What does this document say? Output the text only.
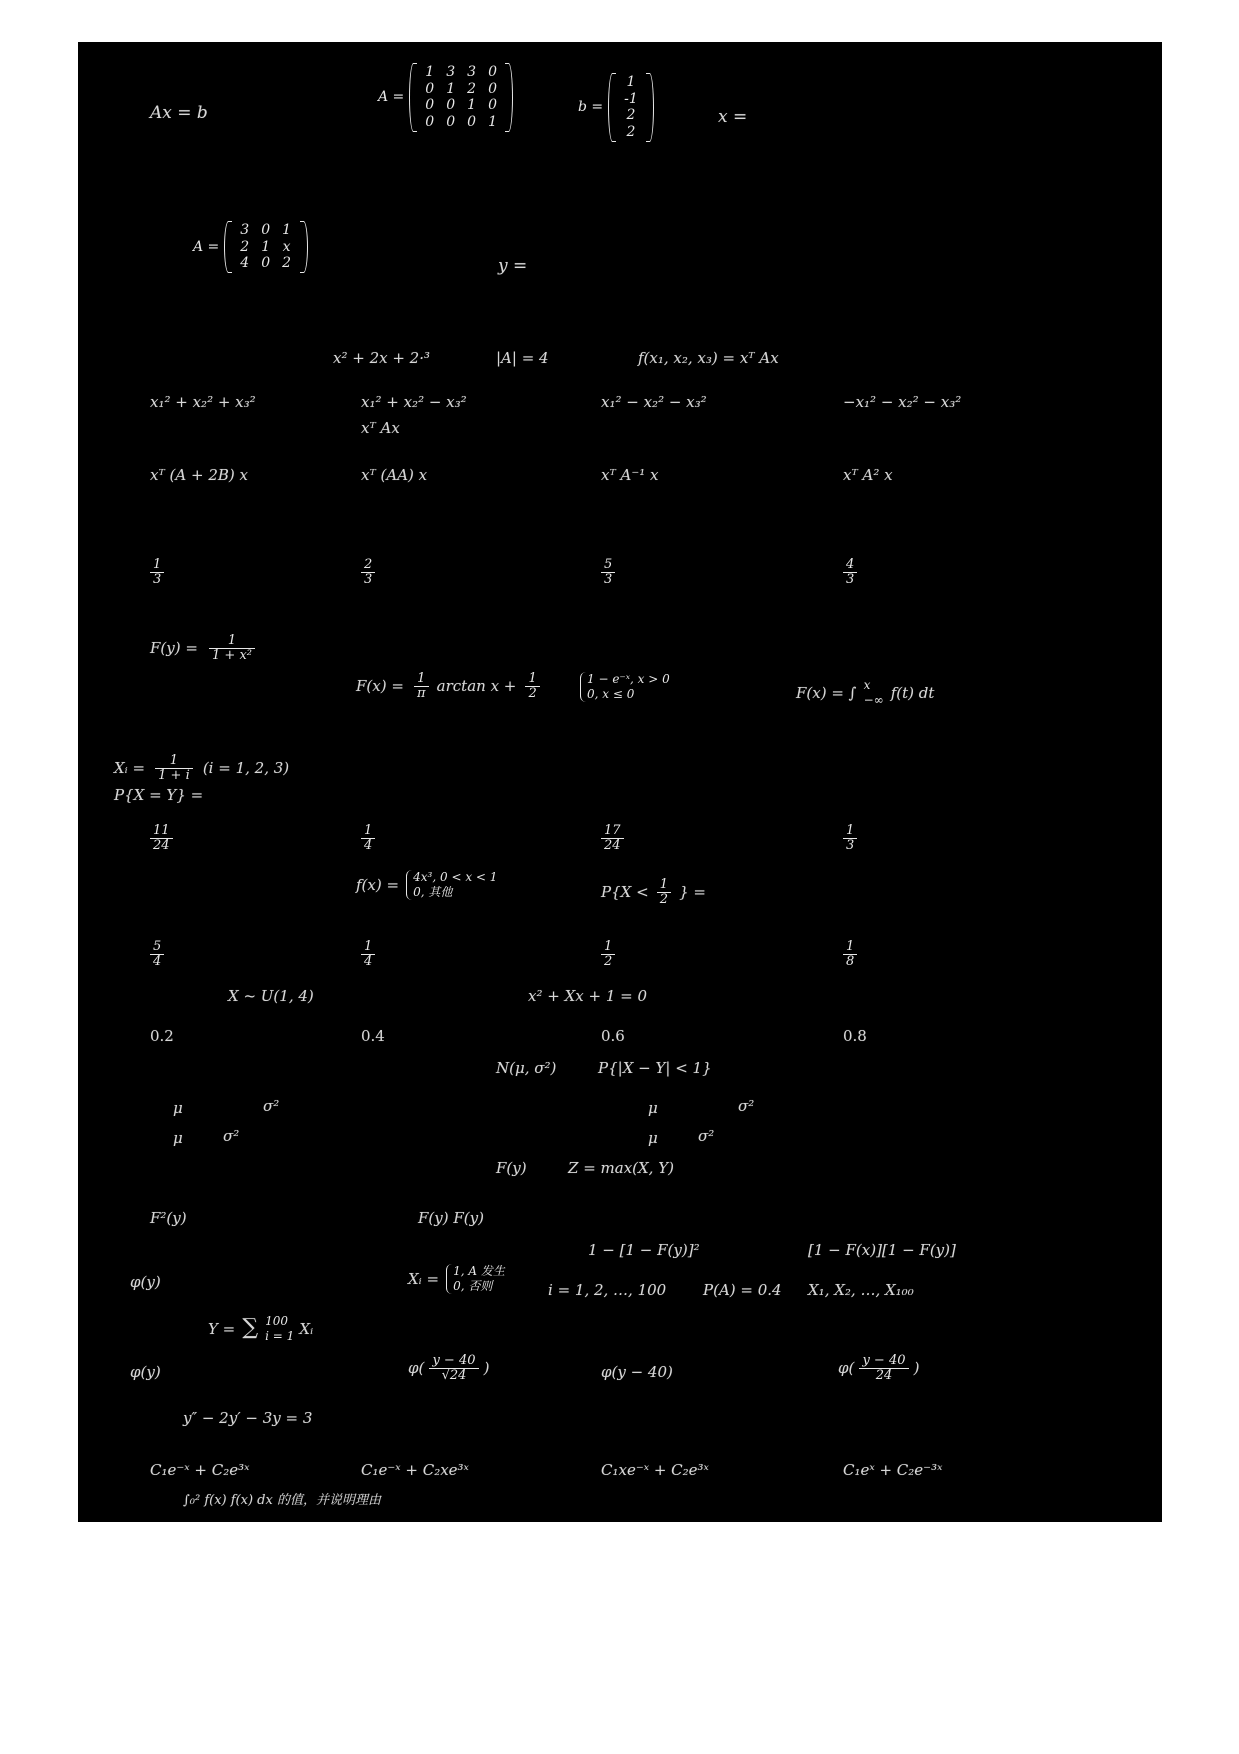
Ax = b
A =
1	3	3	0
0	1	2	0
0	0	1	0
0	0	0	1
b =
1
-1
2
2
x =
A =
3	0	1
2	1	x
4	0	2	y =
x² + 2x + 2·³	|A| = 4	f(x₁, x₂, x₃) = xᵀ Ax
x₁² + x₂² + x₃²	x₁² + x₂² − x₃²	x₁² − x₂² − x₃²	−x₁² − x₂² − x₃²
xᵀ Ax
xᵀ (A + 2B) x	xᵀ (AA) x	xᵀ A⁻¹ x	xᵀ A² x
$\frac{1}{3}$	$\frac{2}{3}$	$\frac{5}{3}$	$\frac{4}{3}$
$F(y) = \frac{1}{\text{1 + x²}}$
$F(x) = \frac{1}{\pi}$ $\arctan x + \frac{1}{2}$	1 − e⁻ˣ, x > 0
0, x ≤ 0	F(x) = ∫ x
−∞ f(t) dt
Xᵢ = $\frac{1}{1 + i} (i = 1$, 2, 3)
P{X = Y} =
$\frac{11}{24}$	$\frac{1}{4}$	$\frac{17}{24}$	$\frac{1}{3}$
f(x) = 4x³, 0 < x < 1
0, 其他	$P\{X < \frac{1}{2}$ } =
$\frac{5}{4}$	$\frac{1}{4}$	$\frac{1}{2}$	$\frac{1}{8}$
X ~ U(1, 4)	x² + Xx + 1 = 0
0.2	0.4	0.6	0.8
N(μ, σ²)	P{|X − Y| < 1}
μ	σ²	μ	σ²
μ	σ²	μ	σ²
F(y)	Z = max(X, Y)
F²(y)	F(y) F(y)
1 − [1 − F(y)]²	[1 − F(x)][1 − F(y)]
φ(y)	Xᵢ = 1, A 发生
0, 否则	i = 1, 2, …, 100 P(A) = 0.4 X₁, X₂, …, X₁₀₀
Y = ∑ 100
i = 1 Xᵢ
φ(y)	$\varphi( \frac{y - 40}{√24}$ )	φ(y − 40)	$\varphi( \frac{y - 40}{24}$ )
y″ − 2y′ − 3y = 3
C₁e⁻ˣ + C₂e³ˣ	C₁e⁻ˣ + C₂xe³ˣ	C₁xe⁻ˣ + C₂e³ˣ	C₁eˣ + C₂e⁻³ˣ
∫₀² f(x) f(x) dx 的值，并说明理由
